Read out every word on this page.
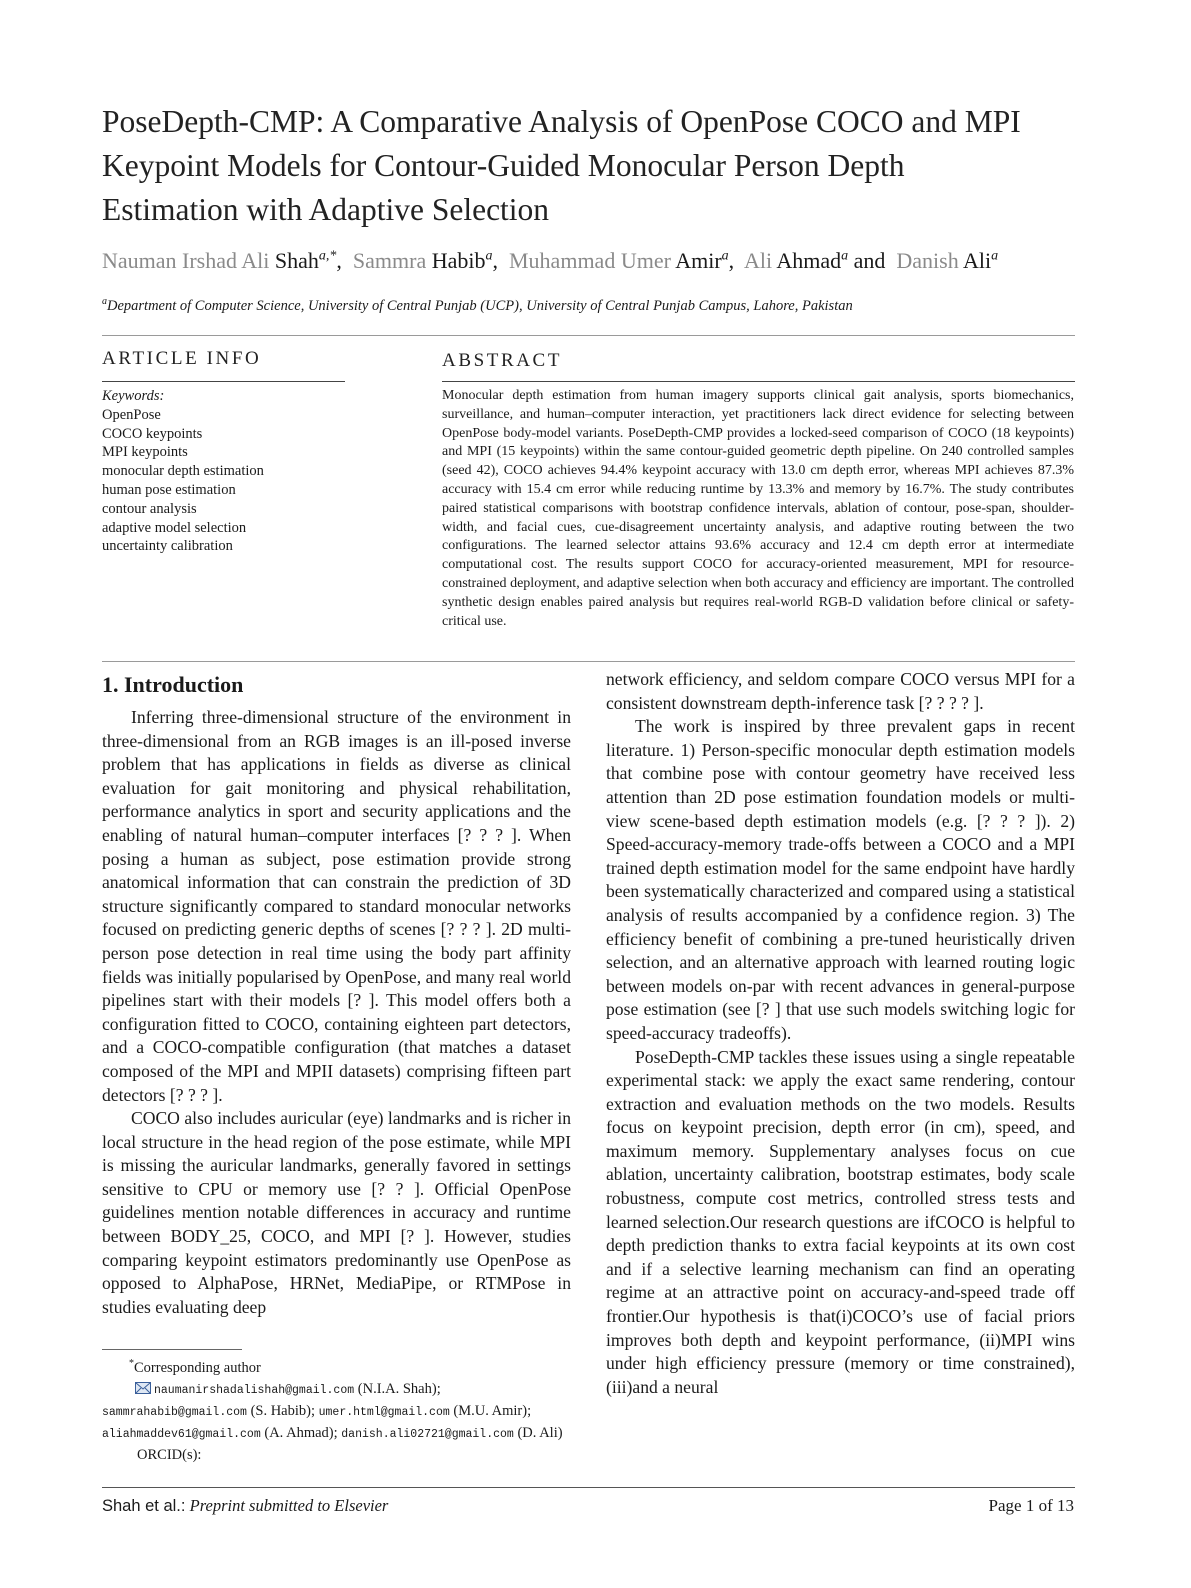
PoseDepth-CMP: A Comparative Analysis of OpenPose COCO and MPI
Keypoint Models for Contour-Guided Monocular Person Depth
Estimation with Adaptive Selection
Nauman Irshad Ali Shah$^{a,*}$, Sammra Habib$^a$, Muhammad Umer Amir$^a$, Ali Ahmad$^a$ and Danish Ali$^a$
$^a$Department of Computer Science, University of Central Punjab (UCP), University of Central Punjab Campus, Lahore, Pakistan
ARTICLE INFO	ABSTRACT
Keywords:
OpenPose
COCO keypoints
MPI keypoints
monocular depth estimation
human pose estimation
contour analysis
adaptive model selection
uncertainty calibration

Monocular depth estimation from human imagery supports clinical gait analysis, sports biomechanics, surveillance, and human–computer interaction, yet practitioners lack direct evidence for selecting between OpenPose body-model variants. PoseDepth-CMP provides a locked-seed comparison of COCO (18 keypoints) and MPI (15 keypoints) within the same contour-guided geometric depth pipeline. On 240 controlled samples (seed 42), COCO achieves 94.4% keypoint accuracy with 13.0 cm depth error, whereas MPI achieves 87.3% accuracy with 15.4 cm error while reducing runtime by 13.3% and memory by 16.7%. The study contributes paired statistical comparisons with bootstrap confidence intervals, ablation of contour, pose-span, shoulder-width, and facial cues, cue-disagreement uncertainty analysis, and adaptive routing between the two configurations. The learned selector attains 93.6% accuracy and 12.4 cm depth error at intermediate computational cost. The results support COCO for accuracy-oriented measurement, MPI for resource-constrained deployment, and adaptive selection when both accuracy and efficiency are important. The controlled synthetic design enables paired analysis but requires real-world RGB-D validation before clinical or safety-critical use.

1. Introduction

Inferring three-dimensional structure of the environment in three-dimensional from an RGB images is an ill-posed inverse problem that has applications in fields as diverse as clinical evaluation for gait monitoring and physical rehabilitation, performance analytics in sport and security applications and the enabling of natural human–computer interfaces [? ? ? ]. When posing a human as subject, pose estimation provide strong anatomical information that can constrain the prediction of 3D structure significantly compared to standard monocular networks focused on predicting generic depths of scenes [? ? ? ]. 2D multi-person pose detection in real time using the body part affinity fields was initially popularised by OpenPose, and many real world pipelines start with their models [? ]. This model offers both a configuration fitted to COCO, containing eighteen part detectors, and a COCO-compatible configuration (that matches a dataset composed of the MPI and MPII datasets) comprising fifteen part detectors [? ? ? ].

COCO also includes auricular (eye) landmarks and is richer in local structure in the head region of the pose estimate, while MPI is missing the auricular landmarks, generally favored in settings sensitive to CPU or memory use [? ? ]. Official OpenPose guidelines mention notable differences in accuracy and runtime between BODY_25, COCO, and MPI [? ]. However, studies comparing keypoint estimators predominantly use OpenPose as opposed to AlphaPose, HRNet, MediaPipe, or RTMPose in studies evaluating deep

network efficiency, and seldom compare COCO versus MPI for a consistent downstream depth-inference task [? ? ? ? ].

The work is inspired by three prevalent gaps in recent literature. 1) Person-specific monocular depth estimation models that combine pose with contour geometry have received less attention than 2D pose estimation foundation models or multi-view scene-based depth estimation models (e.g. [? ? ? ]). 2) Speed-accuracy-memory trade-offs between a COCO and a MPI trained depth estimation model for the same endpoint have hardly been systematically characterized and compared using a statistical analysis of results accompanied by a confidence region. 3) The efficiency benefit of combining a pre-tuned heuristically driven selection, and an alternative approach with learned routing logic between models on-par with recent advances in general-purpose pose estimation (see [? ] that use such models switching logic for speed-accuracy tradeoffs).

PoseDepth-CMP tackles these issues using a single repeatable experimental stack: we apply the exact same rendering, contour extraction and evaluation methods on the two models. Results focus on keypoint precision, depth error (in cm), speed, and maximum memory. Supplementary analyses focus on cue ablation, uncertainty calibration, bootstrap estimates, body scale robustness, compute cost metrics, controlled stress tests and learned selection.Our research questions are ifCOCO is helpful to depth prediction thanks to extra facial keypoints at its own cost and if a selective learning mechanism can find an operating regime at an attractive point on accuracy-and-speed trade off frontier.Our hypothesis is that(i)COCO’s use of facial priors improves both depth and keypoint performance, (ii)MPI wins under high efficiency pressure (memory or time constrained), (iii)and a neural

*Corresponding author
naumanirshadalishah@gmail.com (N.I.A. Shah);
sammrahabib@gmail.com (S. Habib); umer.html@gmail.com (M.U. Amir);
aliahmaddev61@gmail.com (A. Ahmad); danish.ali02721@gmail.com (D. Ali)
ORCID(s):
Shah et al.: Preprint submitted to Elsevier	Page 1 of 13
